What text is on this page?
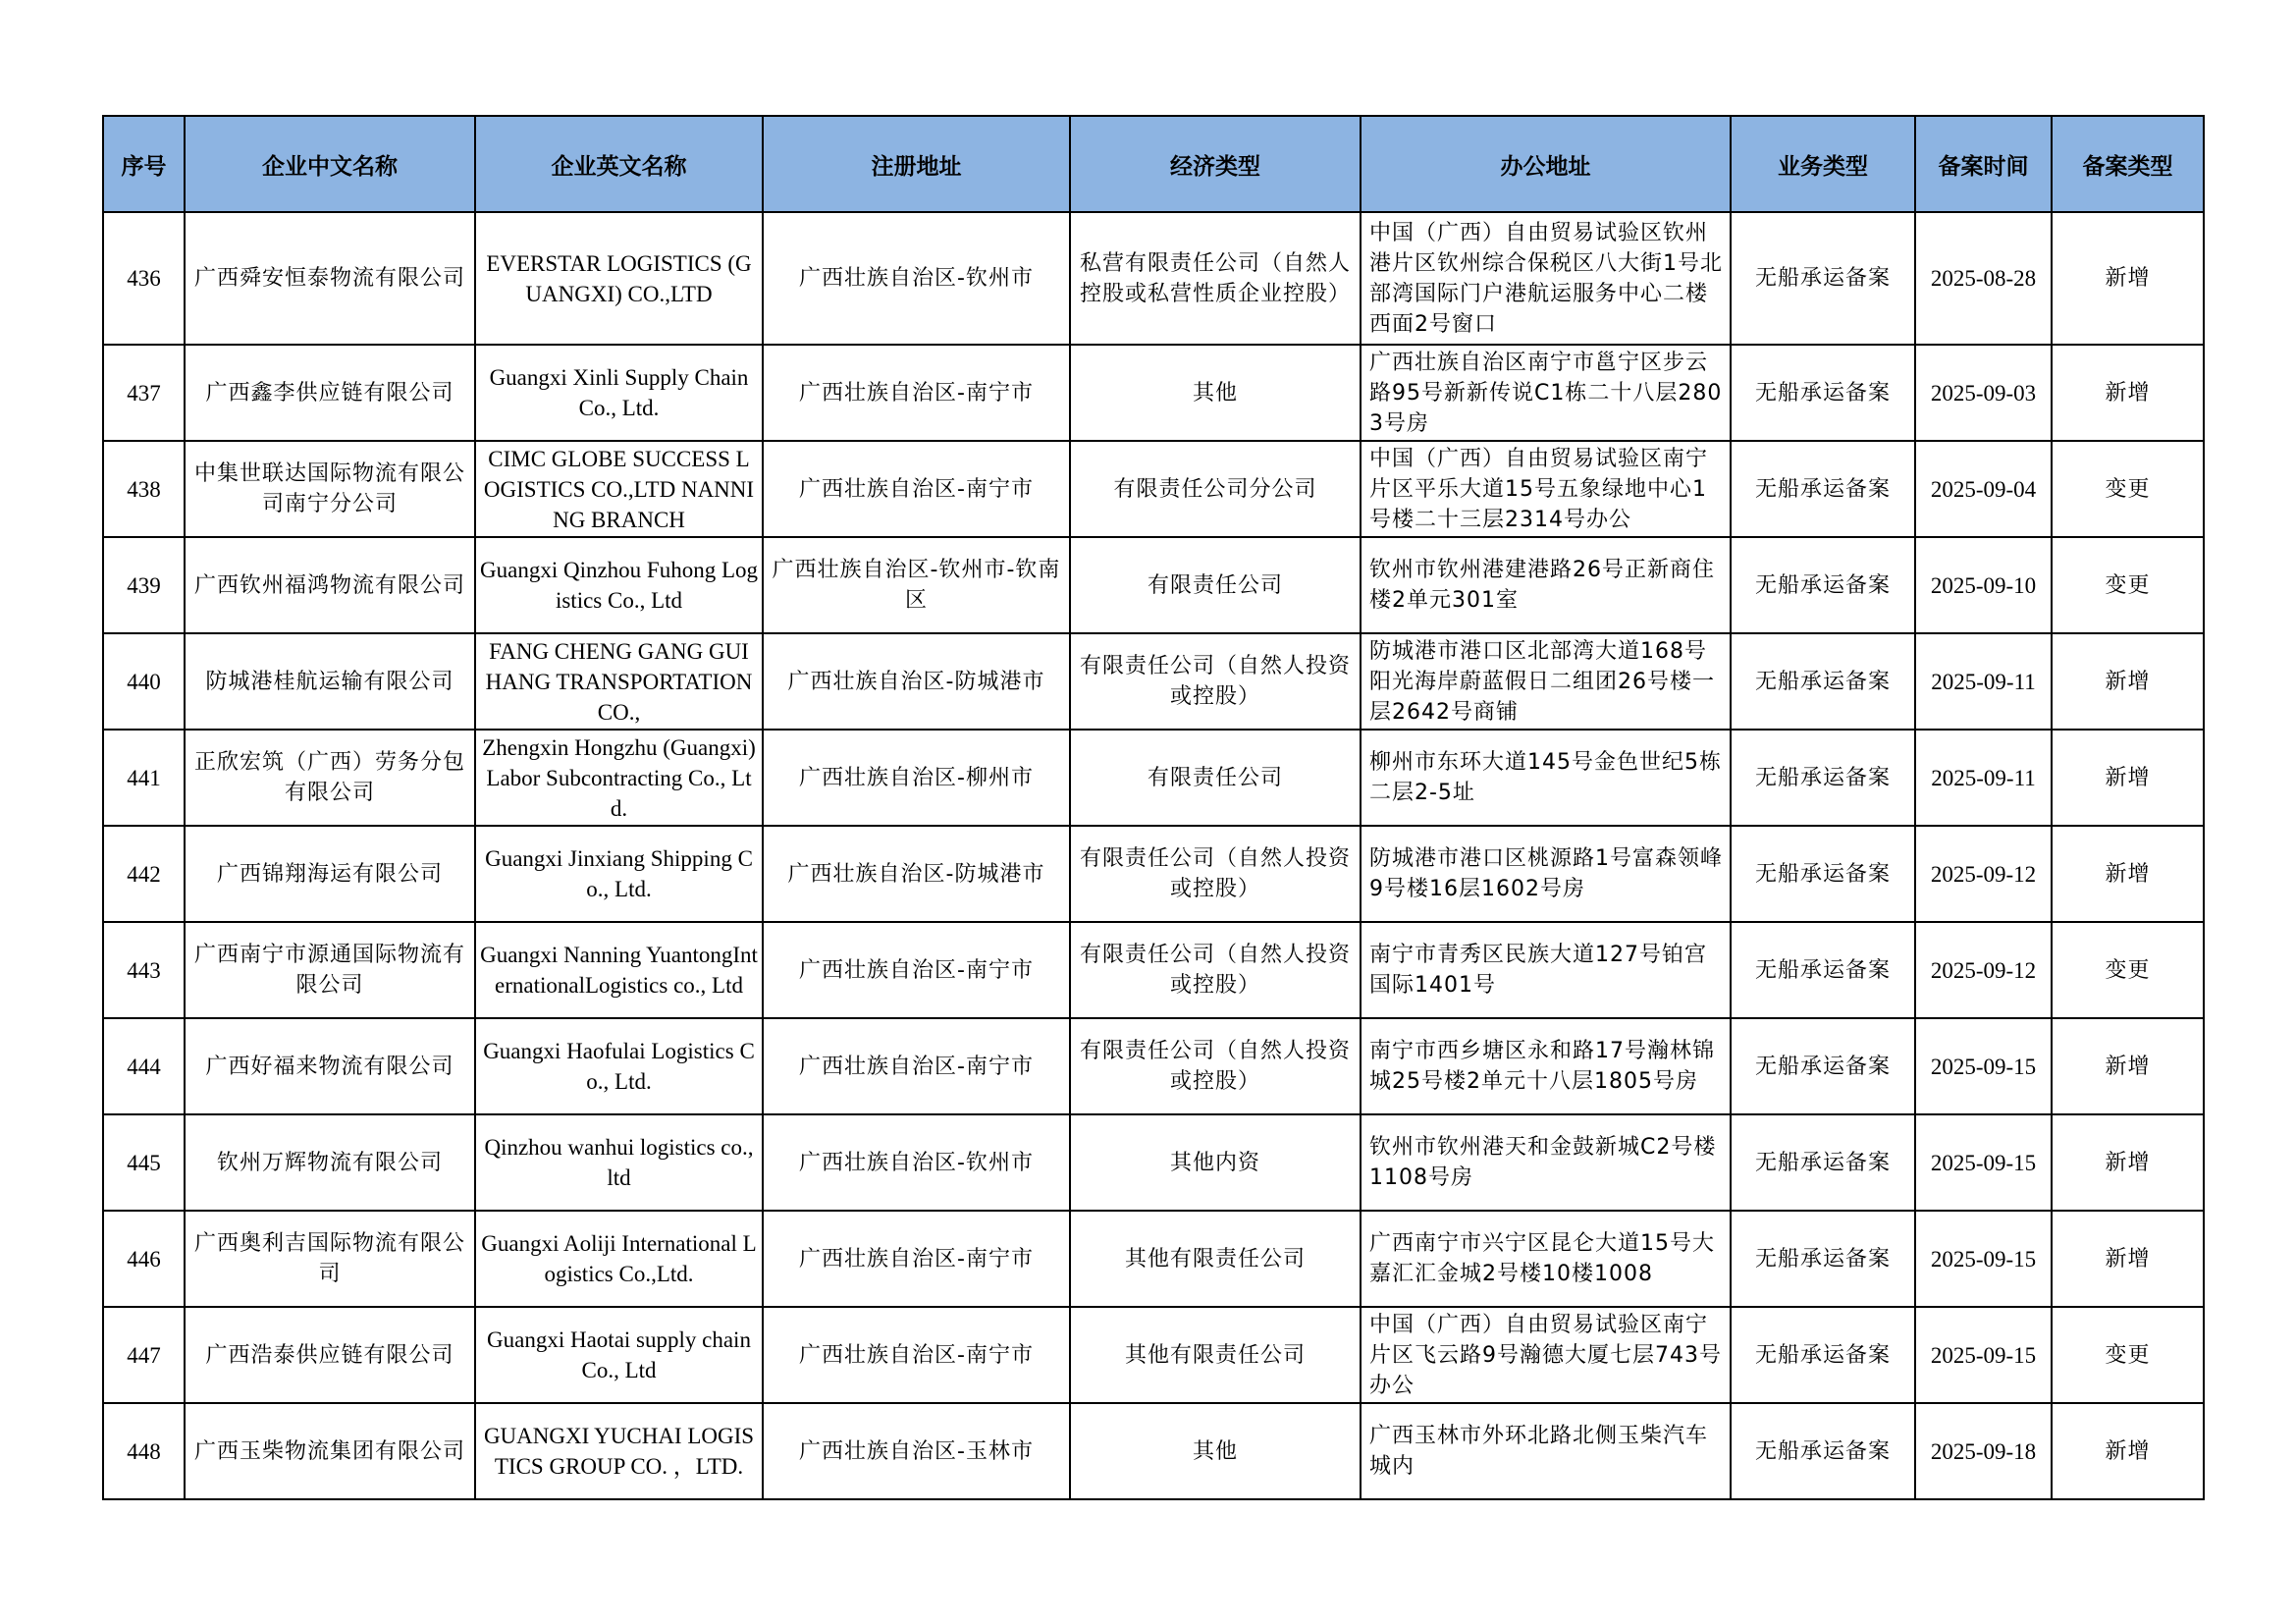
序号	企业中文名称	企业英文名称	注册地址	经济类型	办公地址	业务类型	备案时间	备案类型
436	广西舜安恒泰物流有限公司	EVERSTAR LOGISTICS (GUANGXI) CO.,LTD	广西壮族自治区-钦州市	私营有限责任公司（自然人控股或私营性质企业控股）	中国（广西）自由贸易试验区钦州港片区钦州综合保税区八大街1号北部湾国际门户港航运服务中心二楼西面2号窗口	无船承运备案	2025-08-28	新增
437	广西鑫李供应链有限公司	Guangxi Xinli Supply Chain Co., Ltd.	广西壮族自治区-南宁市	其他	广西壮族自治区南宁市邕宁区步云路95号新新传说C1栋二十八层2803号房	无船承运备案	2025-09-03	新增
438	中集世联达国际物流有限公司南宁分公司	CIMC GLOBE SUCCESS LOGISTICS CO.,LTD NANNING BRANCH	广西壮族自治区-南宁市	有限责任公司分公司	中国（广西）自由贸易试验区南宁片区平乐大道15号五象绿地中心1号楼二十三层2314号办公	无船承运备案	2025-09-04	变更
439	广西钦州福鸿物流有限公司	Guangxi Qinzhou Fuhong Logistics Co., Ltd	广西壮族自治区-钦州市-钦南区	有限责任公司	钦州市钦州港建港路26号正新商住楼2单元301室	无船承运备案	2025-09-10	变更
440	防城港桂航运输有限公司	FANG CHENG GANG GUI HANG TRANSPORTATION CO.,	广西壮族自治区-防城港市	有限责任公司（自然人投资或控股）	防城港市港口区北部湾大道168号阳光海岸蔚蓝假日二组团26号楼一层2642号商铺	无船承运备案	2025-09-11	新增
441	正欣宏筑（广西）劳务分包有限公司	Zhengxin Hongzhu (Guangxi) Labor Subcontracting Co., Ltd.	广西壮族自治区-柳州市	有限责任公司	柳州市东环大道145号金色世纪5栋二层2-5址	无船承运备案	2025-09-11	新增
442	广西锦翔海运有限公司	Guangxi Jinxiang Shipping Co., Ltd.	广西壮族自治区-防城港市	有限责任公司（自然人投资或控股）	防城港市港口区桃源路1号富森领峰9号楼16层1602号房	无船承运备案	2025-09-12	新增
443	广西南宁市源通国际物流有限公司	Guangxi Nanning YuantongInternationalLogistics co., Ltd	广西壮族自治区-南宁市	有限责任公司（自然人投资或控股）	南宁市青秀区民族大道127号铂宫国际1401号	无船承运备案	2025-09-12	变更
444	广西好福来物流有限公司	Guangxi Haofulai Logistics Co., Ltd.	广西壮族自治区-南宁市	有限责任公司（自然人投资或控股）	南宁市西乡塘区永和路17号瀚林锦城25号楼2单元十八层1805号房	无船承运备案	2025-09-15	新增
445	钦州万辉物流有限公司	Qinzhou wanhui logistics co., ltd	广西壮族自治区-钦州市	其他内资	钦州市钦州港天和金鼓新城C2号楼1108号房	无船承运备案	2025-09-15	新增
446	广西奥利吉国际物流有限公司	Guangxi Aoliji International Logistics Co.,Ltd.	广西壮族自治区-南宁市	其他有限责任公司	广西南宁市兴宁区昆仑大道15号大嘉汇汇金城2号楼10楼1008	无船承运备案	2025-09-15	新增
447	广西浩泰供应链有限公司	Guangxi Haotai supply chain Co., Ltd	广西壮族自治区-南宁市	其他有限责任公司	中国（广西）自由贸易试验区南宁片区飞云路9号瀚德大厦七层743号办公	无船承运备案	2025-09-15	变更
448	广西玉柴物流集团有限公司	GUANGXI YUCHAI LOGISTICS GROUP CO. ，LTD.	广西壮族自治区-玉林市	其他	广西玉林市外环北路北侧玉柴汽车城内	无船承运备案	2025-09-18	新增
